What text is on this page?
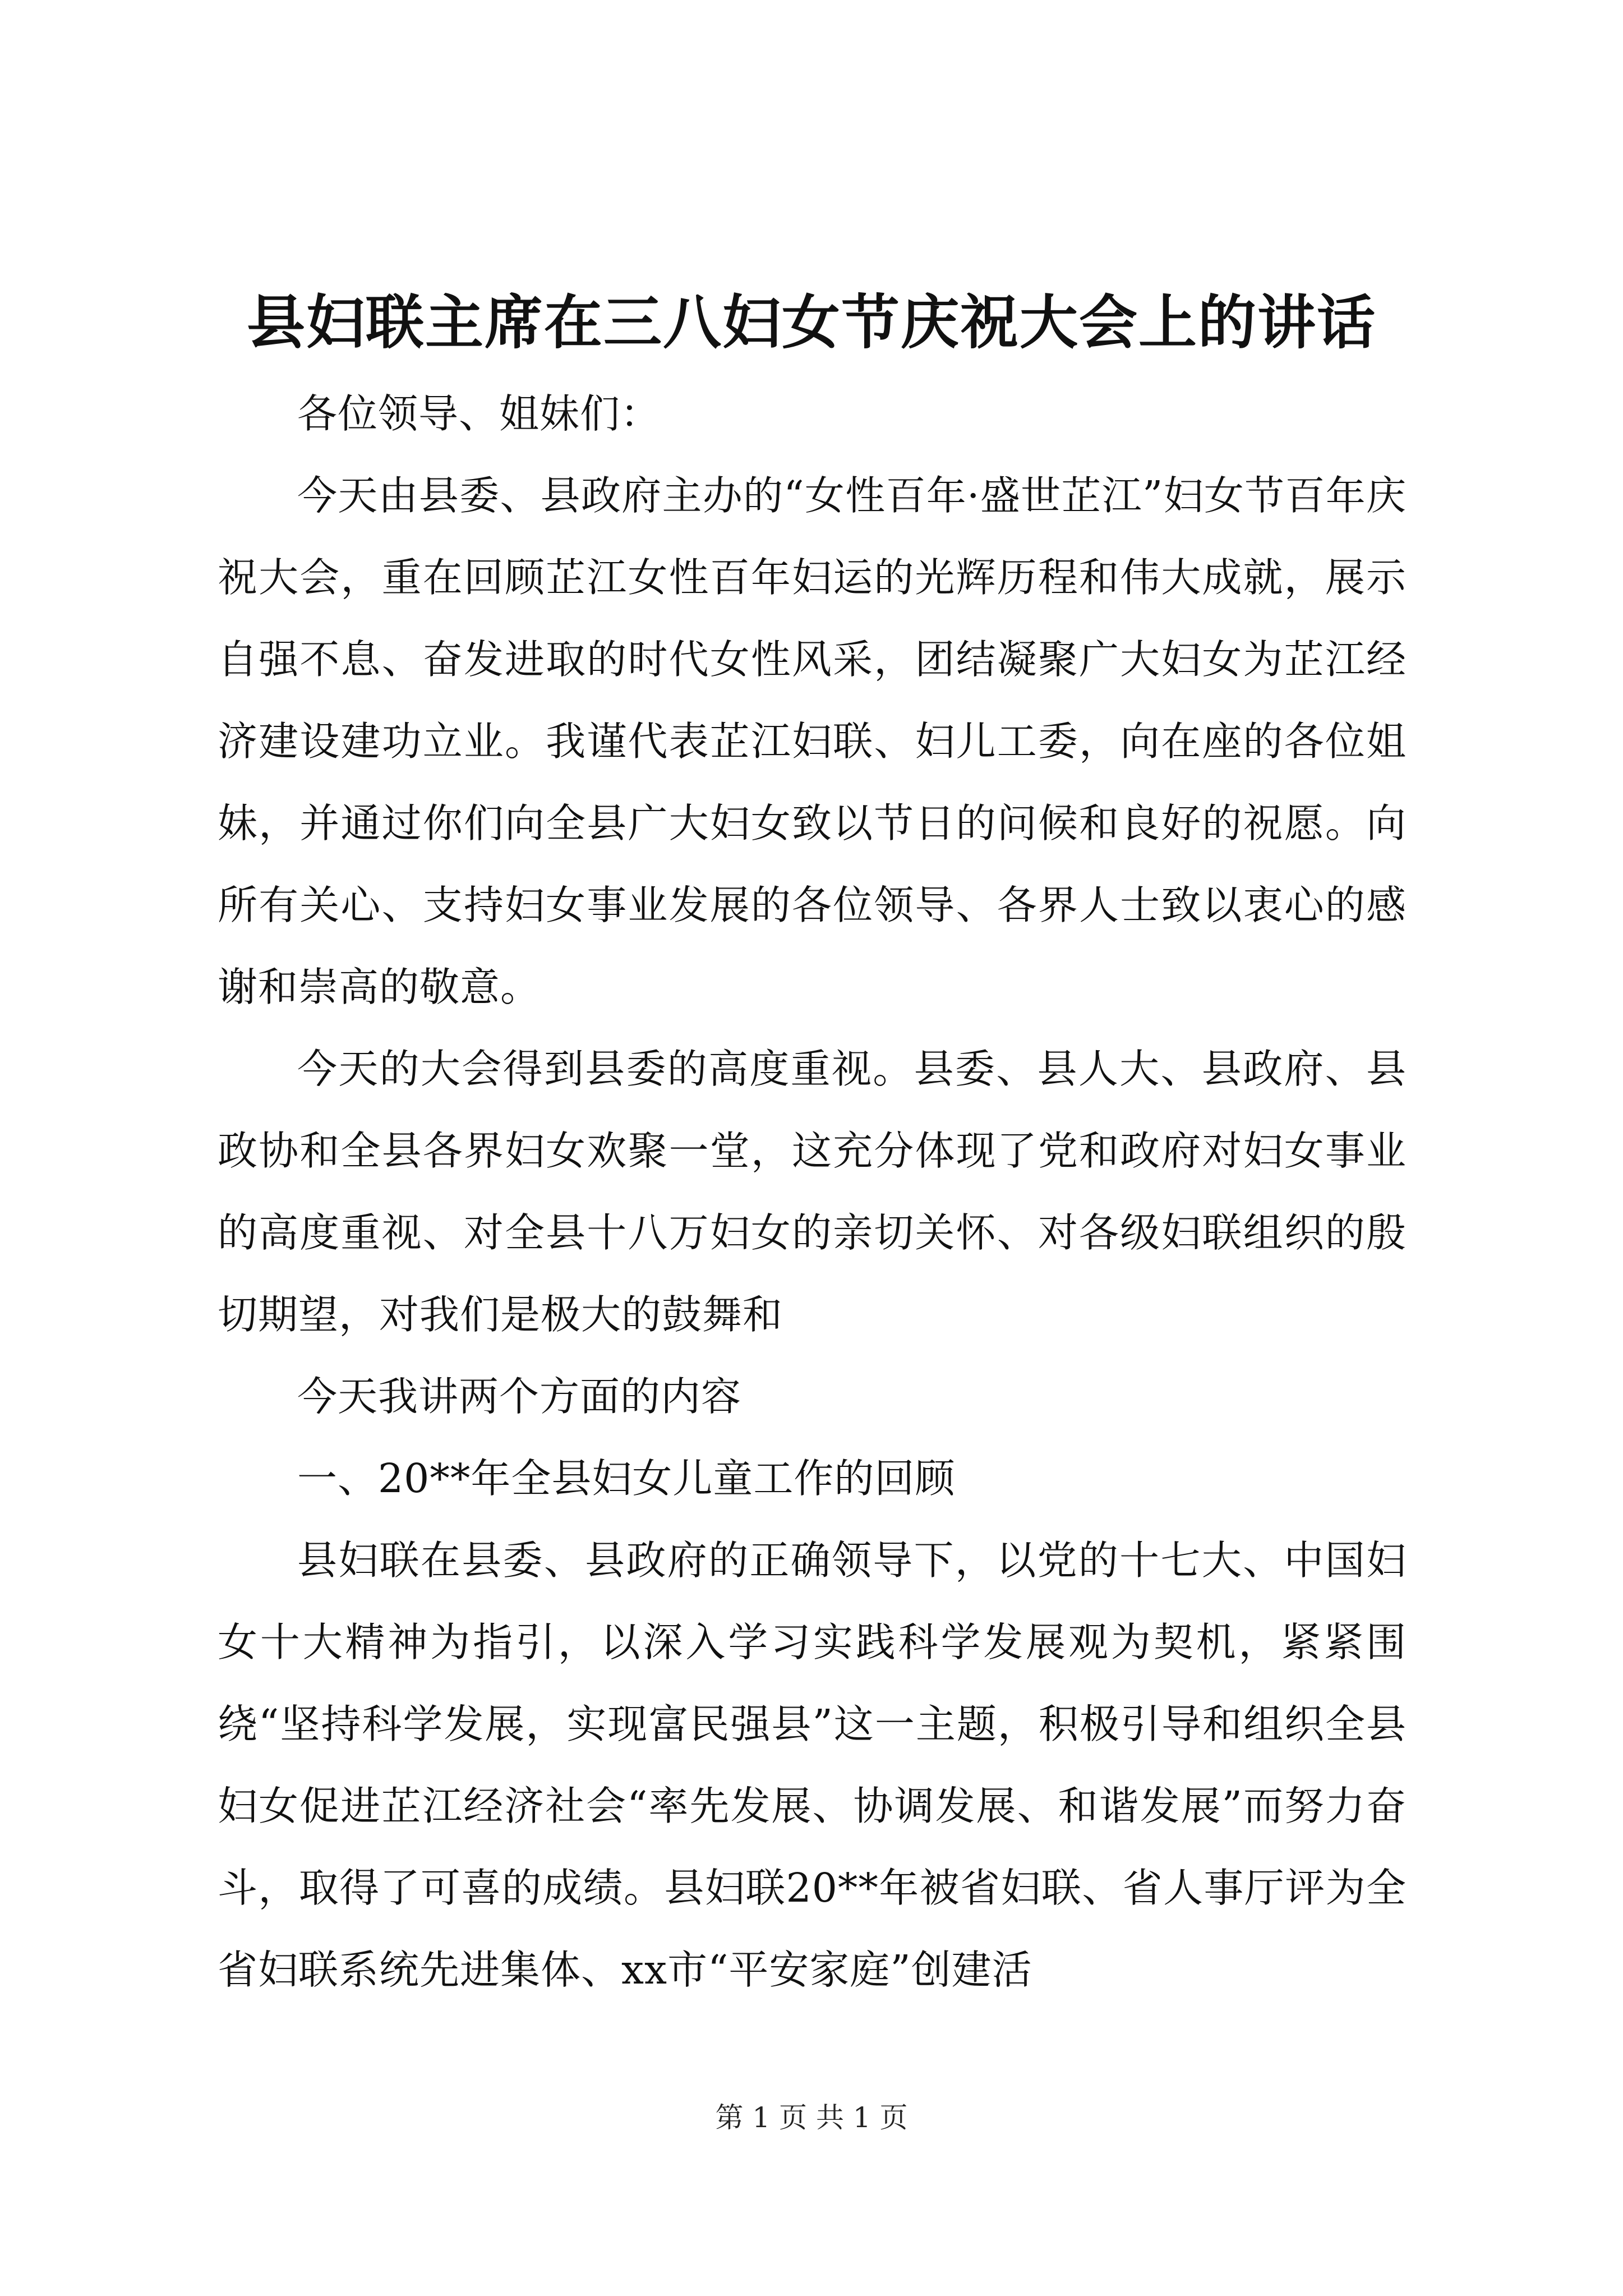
县妇联主席在三八妇女节庆祝大会上的讲话

各位领导、姐妹们：

今天由县委、县政府主办的“女性百年·盛世芷江”妇女节百年庆祝大会，重在回顾芷江女性百年妇运的光辉历程和伟大成就，展示自强不息、奋发进取的时代女性风采，团结凝聚广大妇女为芷江经济建设建功立业。我谨代表芷江妇联、妇儿工委，向在座的各位姐妹，并通过你们向全县广大妇女致以节日的问候和良好的祝愿。向所有关心、支持妇女事业发展的各位领导、各界人士致以衷心的感谢和崇高的敬意。

今天的大会得到县委的高度重视。县委、县人大、县政府、县政协和全县各界妇女欢聚一堂，这充分体现了党和政府对妇女事业的高度重视、对全县十八万妇女的亲切关怀、对各级妇联组织的殷切期望，对我们是极大的鼓舞和

今天我讲两个方面的内容

一、20**年全县妇女儿童工作的回顾

县妇联在县委、县政府的正确领导下，以党的十七大、中国妇女十大精神为指引，以深入学习实践科学发展观为契机，紧紧围绕“坚持科学发展，实现富民强县”这一主题，积极引导和组织全县妇女促进芷江经济社会“率先发展、协调发展、和谐发展”而努力奋斗，取得了可喜的成绩。县妇联20**年被省妇联、省人事厅评为全省妇联系统先进集体、xx市“平安家庭”创建活

第 1 页 共 1 页
